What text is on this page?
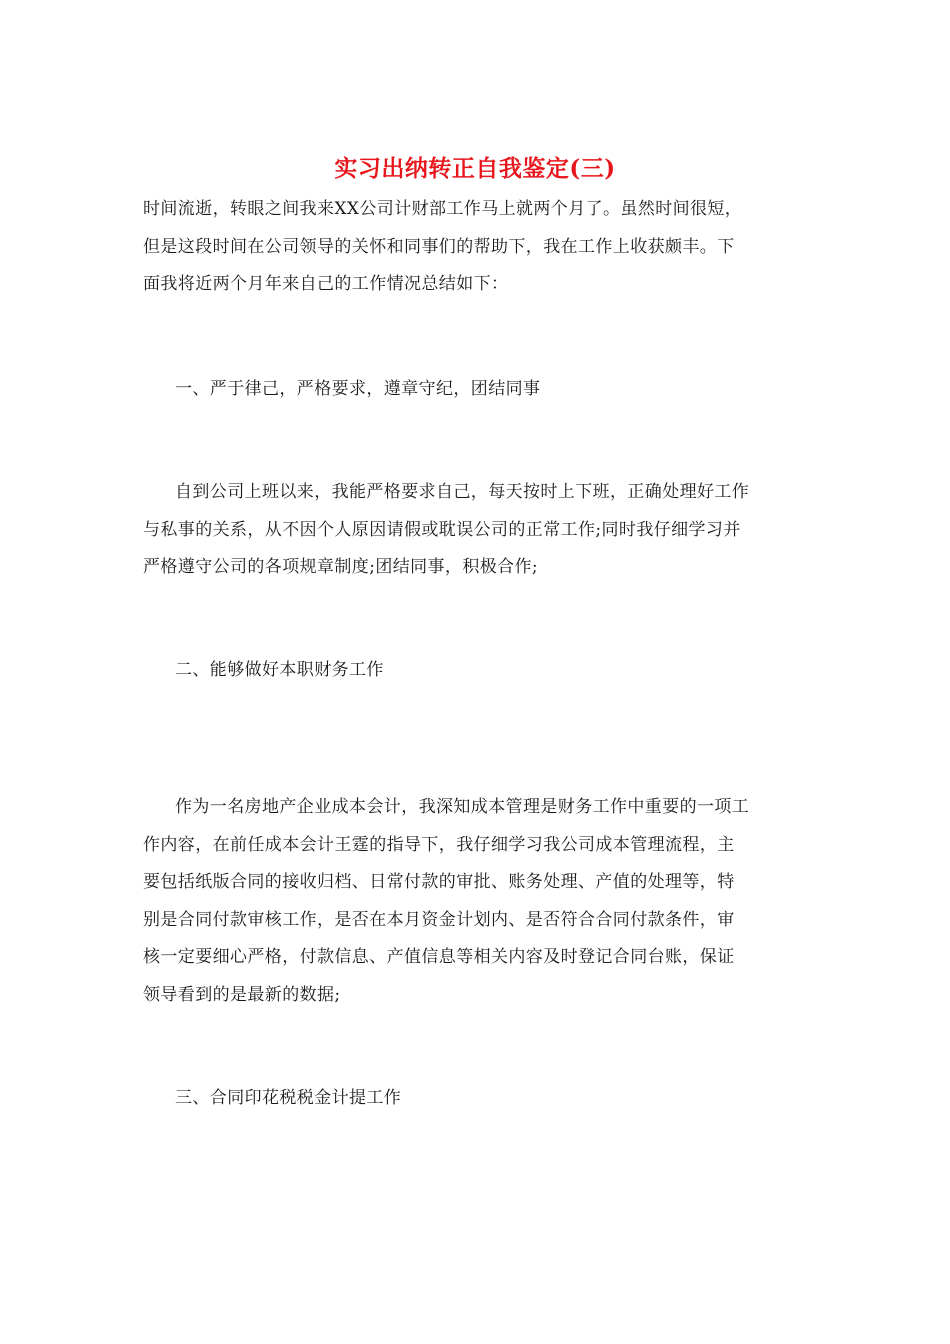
实习出纳转正自我鉴定(三)
时间流逝，转眼之间我来XX公司计财部工作马上就两个月了。虽然时间很短，
但是这段时间在公司领导的关怀和同事们的帮助下，我在工作上收获颇丰。下
面我将近两个月年来自己的工作情况总结如下：
一、严于律己，严格要求，遵章守纪，团结同事
自到公司上班以来，我能严格要求自己，每天按时上下班，正确处理好工作
与私事的关系，从不因个人原因请假或耽误公司的正常工作;同时我仔细学习并
严格遵守公司的各项规章制度;团结同事，积极合作;
二、能够做好本职财务工作
作为一名房地产企业成本会计，我深知成本管理是财务工作中重要的一项工
作内容，在前任成本会计王霆的指导下，我仔细学习我公司成本管理流程，主
要包括纸版合同的接收归档、日常付款的审批、账务处理、产值的处理等，特
别是合同付款审核工作，是否在本月资金计划内、是否符合合同付款条件，审
核一定要细心严格，付款信息、产值信息等相关内容及时登记合同台账，保证
领导看到的是最新的数据;
三、合同印花税税金计提工作
